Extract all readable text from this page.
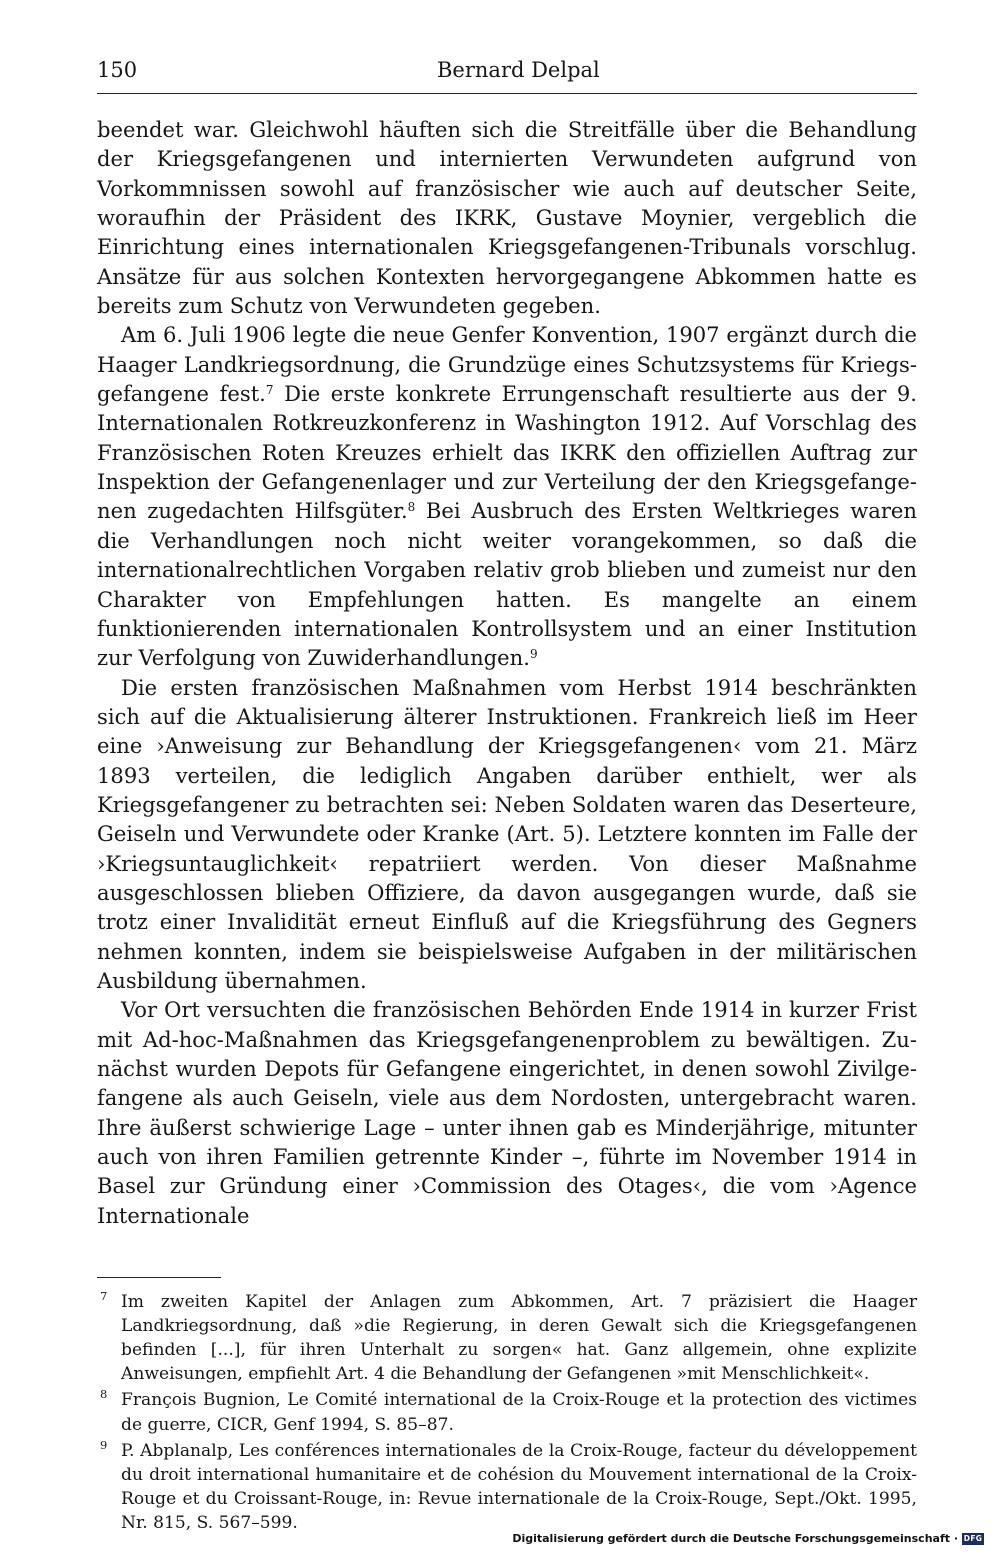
150	Bernard Delpal

beendet war. Gleichwohl häuften sich die Streitfälle über die Behandlung der Kriegsgefangenen und internierten Verwundeten aufgrund von Vorkommnissen sowohl auf französischer wie auch auf deutscher Seite, woraufhin der Präsident des IKRK, Gustave Moynier, vergeblich die Einrichtung eines internationalen Kriegsgefangenen-Tribunals vorschlug. Ansätze für aus solchen Kontexten hervorgegangene Abkommen hatte es bereits zum Schutz von Verwundeten gegeben.

Am 6. Juli 1906 legte die neue Genfer Konvention, 1907 ergänzt durch die Haager Landkriegsordnung, die Grundzüge eines Schutzsystems für Kriegsgefangene fest.$^7$ Die erste konkrete Errungenschaft resultierte aus der 9. Internationalen Rotkreuzkonferenz in Washington 1912. Auf Vorschlag des Französischen Roten Kreuzes erhielt das IKRK den offiziellen Auftrag zur Inspektion der Gefangenenlager und zur Verteilung der den Kriegsgefangenen zugedachten Hilfsgüter.$^8$ Bei Ausbruch des Ersten Weltkrieges waren die Verhandlungen noch nicht weiter vorangekommen, so daß die internationalrechtlichen Vorgaben relativ grob blieben und zumeist nur den Charakter von Empfehlungen hatten. Es mangelte an einem funktionierenden internationalen Kontrollsystem und an einer Institution zur Verfolgung von Zuwiderhandlungen.$^9$

Die ersten französischen Maßnahmen vom Herbst 1914 beschränkten sich auf die Aktualisierung älterer Instruktionen. Frankreich ließ im Heer eine ›Anweisung zur Behandlung der Kriegsgefangenen‹ vom 21. März 1893 verteilen, die lediglich Angaben darüber enthielt, wer als Kriegsgefangener zu betrachten sei: Neben Soldaten waren das Deserteure, Geiseln und Verwundete oder Kranke (Art. 5). Letztere konnten im Falle der ›Kriegsuntauglichkeit‹ repatriiert werden. Von dieser Maßnahme ausgeschlossen blieben Offiziere, da davon ausgegangen wurde, daß sie trotz einer Invalidität erneut Einfluß auf die Kriegsführung des Gegners nehmen konnten, indem sie beispielsweise Aufgaben in der militärischen Ausbildung übernahmen.

Vor Ort versuchten die französischen Behörden Ende 1914 in kurzer Frist mit Ad-hoc-Maßnahmen das Kriegsgefangenenproblem zu bewältigen. Zunächst wurden Depots für Gefangene eingerichtet, in denen sowohl Zivilgefangene als auch Geiseln, viele aus dem Nordosten, untergebracht waren. Ihre äußerst schwierige Lage – unter ihnen gab es Minderjährige, mitunter auch von ihren Familien getrennte Kinder –, führte im November 1914 in Basel zur Gründung einer ›Commission des Otages‹, die vom ›Agence Internationale

7 Im zweiten Kapitel der Anlagen zum Abkommen, Art. 7 präzisiert die Haager Landkriegsordnung, daß »die Regierung, in deren Gewalt sich die Kriegsgefangenen befinden [...], für ihren Unterhalt zu sorgen« hat. Ganz allgemein, ohne explizite Anweisungen, empfiehlt Art. 4 die Behandlung der Gefangenen »mit Menschlichkeit«.
8 François Bugnion, Le Comité international de la Croix-Rouge et la protection des victimes de guerre, CICR, Genf 1994, S. 85–87.
9 P. Abplanalp, Les conférences internationales de la Croix-Rouge, facteur du développement du droit international humanitaire et de cohésion du Mouvement international de la Croix-Rouge et du Croissant-Rouge, in: Revue internationale de la Croix-Rouge, Sept./Okt. 1995, Nr. 815, S. 567–599.
Digitalisierung gefördert durch die Deutsche Forschungsgemeinschaft · DFG
